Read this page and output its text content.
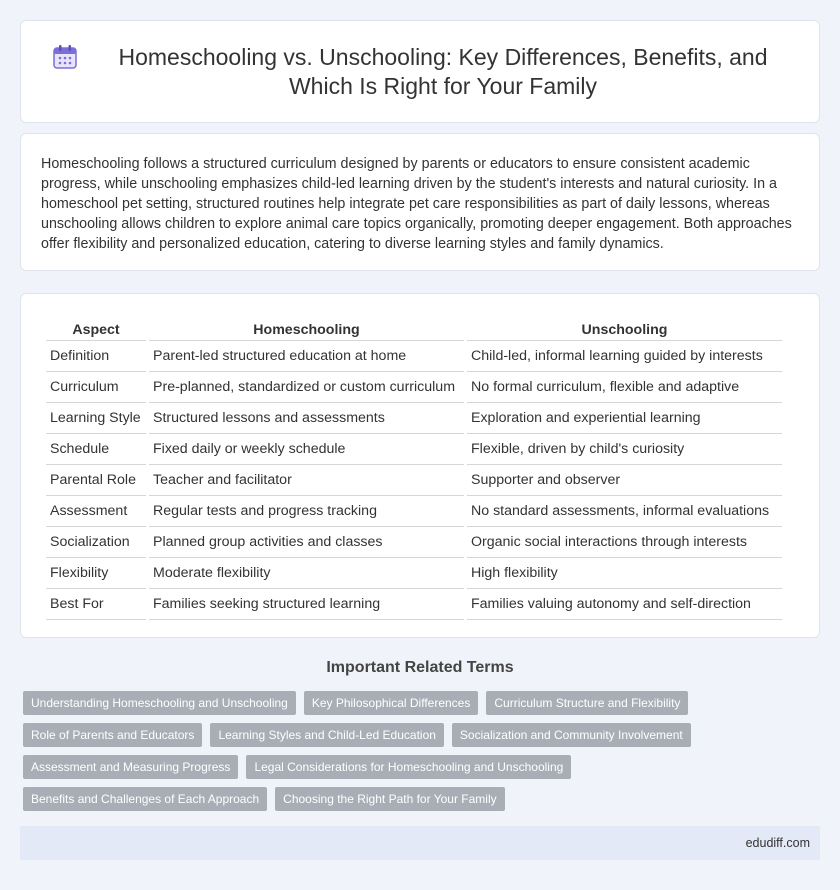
Homeschooling vs. Unschooling: Key Differences, Benefits, and Which Is Right for Your Family

Homeschooling follows a structured curriculum designed by parents or educators to ensure consistent academic progress, while unschooling emphasizes child-led learning driven by the student's interests and natural curiosity. In a homeschool pet setting, structured routines help integrate pet care responsibilities as part of daily lessons, whereas unschooling allows children to explore animal care topics organically, promoting deeper engagement. Both approaches offer flexibility and personalized education, catering to diverse learning styles and family dynamics.

Aspect	Homeschooling	Unschooling
Definition	Parent-led structured education at home	Child-led, informal learning guided by interests
Curriculum	Pre-planned, standardized or custom curriculum	No formal curriculum, flexible and adaptive
Learning Style	Structured lessons and assessments	Exploration and experiential learning
Schedule	Fixed daily or weekly schedule	Flexible, driven by child's curiosity
Parental Role	Teacher and facilitator	Supporter and observer
Assessment	Regular tests and progress tracking	No standard assessments, informal evaluations
Socialization	Planned group activities and classes	Organic social interactions through interests
Flexibility	Moderate flexibility	High flexibility
Best For	Families seeking structured learning	Families valuing autonomy and self-direction
Important Related Terms
Understanding Homeschooling and Unschooling	Key Philosophical Differences	Curriculum Structure and Flexibility
Role of Parents and Educators	Learning Styles and Child-Led Education	Socialization and Community Involvement
Assessment and Measuring Progress	Legal Considerations for Homeschooling and Unschooling
Benefits and Challenges of Each Approach	Choosing the Right Path for Your Family
edudiff.com
